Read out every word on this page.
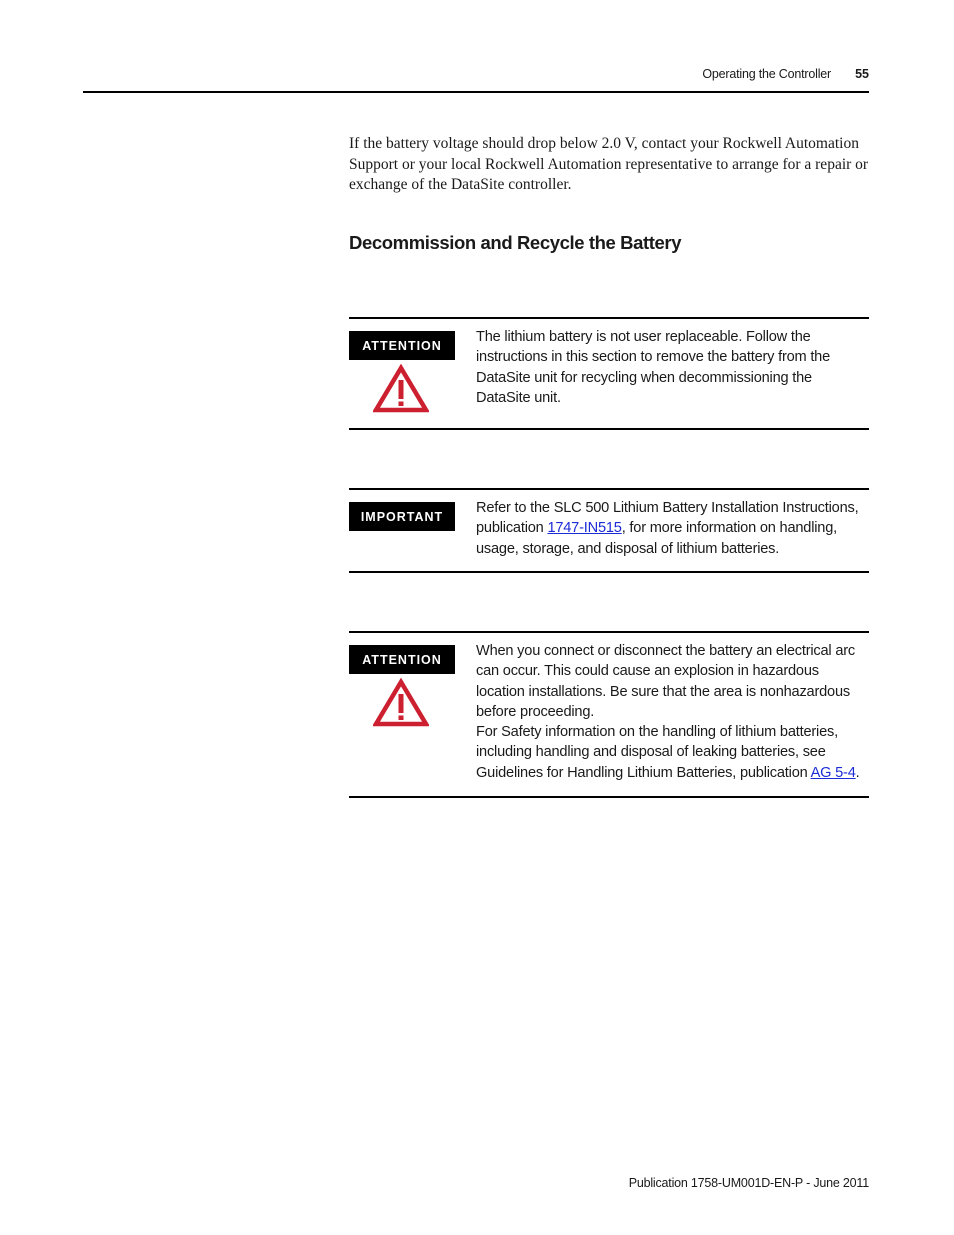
Operating the Controller 55

If the battery voltage should drop below 2.0 V, contact your Rockwell Automation Support or your local Rockwell Automation representative to arrange for a repair or exchange of the DataSite controller.

Decommission and Recycle the Battery
ATTENTION

The lithium battery is not user replaceable. Follow the instructions in this section to remove the battery from the DataSite unit for recycling when decommissioning the DataSite unit.

IMPORTANT

Refer to the SLC 500 Lithium Battery Installation Instructions, publication 1747-IN515, for more information on handling, usage, storage, and disposal of lithium batteries.

ATTENTION

When you connect or disconnect the battery an electrical arc can occur. This could cause an explosion in hazardous location installations. Be sure that the area is nonhazardous before proceeding.

For Safety information on the handling of lithium batteries, including handling and disposal of leaking batteries, see Guidelines for Handling Lithium Batteries, publication AG 5-4.

Publication 1758-UM001D-EN-P - June 2011
